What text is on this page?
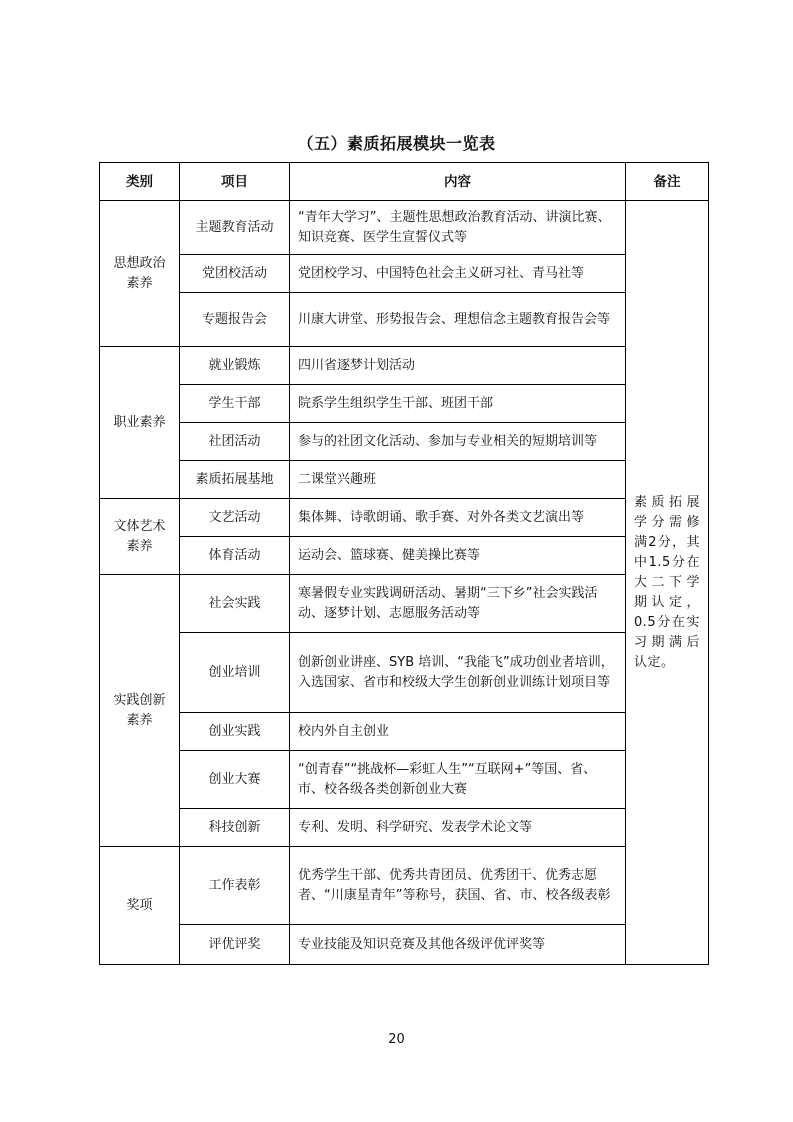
（五）素质拓展模块一览表
类别	项目	内容	备注
思想政治素养	主题教育活动	“青年大学习”、主题性思想政治教育活动、讲演比赛、知识竞赛、医学生宣誓仪式等	素质拓展学分需修满2分，其中1.5分在大二下学期认定，0.5分在实习期满后认定。
	党团校活动	党团校学习、中国特色社会主义研习社、青马社等	
	专题报告会	川康大讲堂、形势报告会、理想信念主题教育报告会等	
职业素养	就业锻炼	四川省逐梦计划活动	
	学生干部	院系学生组织学生干部、班团干部	
	社团活动	参与的社团文化活动、参加与专业相关的短期培训等	
	素质拓展基地	二课堂兴趣班	
文体艺术素养	文艺活动	集体舞、诗歌朗诵、歌手赛、对外各类文艺演出等	
	体育活动	运动会、篮球赛、健美操比赛等	
实践创新素养	社会实践	寒暑假专业实践调研活动、暑期“三下乡”社会实践活动、逐梦计划、志愿服务活动等	
	创业培训	创新创业讲座、SYB 培训、“我能飞”成功创业者培训，入选国家、省市和校级大学生创新创业训练计划项目等	
	创业实践	校内外自主创业	
	创业大赛	“创青春”“挑战杯—彩虹人生”“互联网+”等国、省、市、校各级各类创新创业大赛	
	科技创新	专利、发明、科学研究、发表学术论文等	
奖项	工作表彰	优秀学生干部、优秀共青团员、优秀团干、优秀志愿者、“川康星青年”等称号，获国、省、市、校各级表彰	
	评优评奖	专业技能及知识竞赛及其他各级评优评奖等	
20
